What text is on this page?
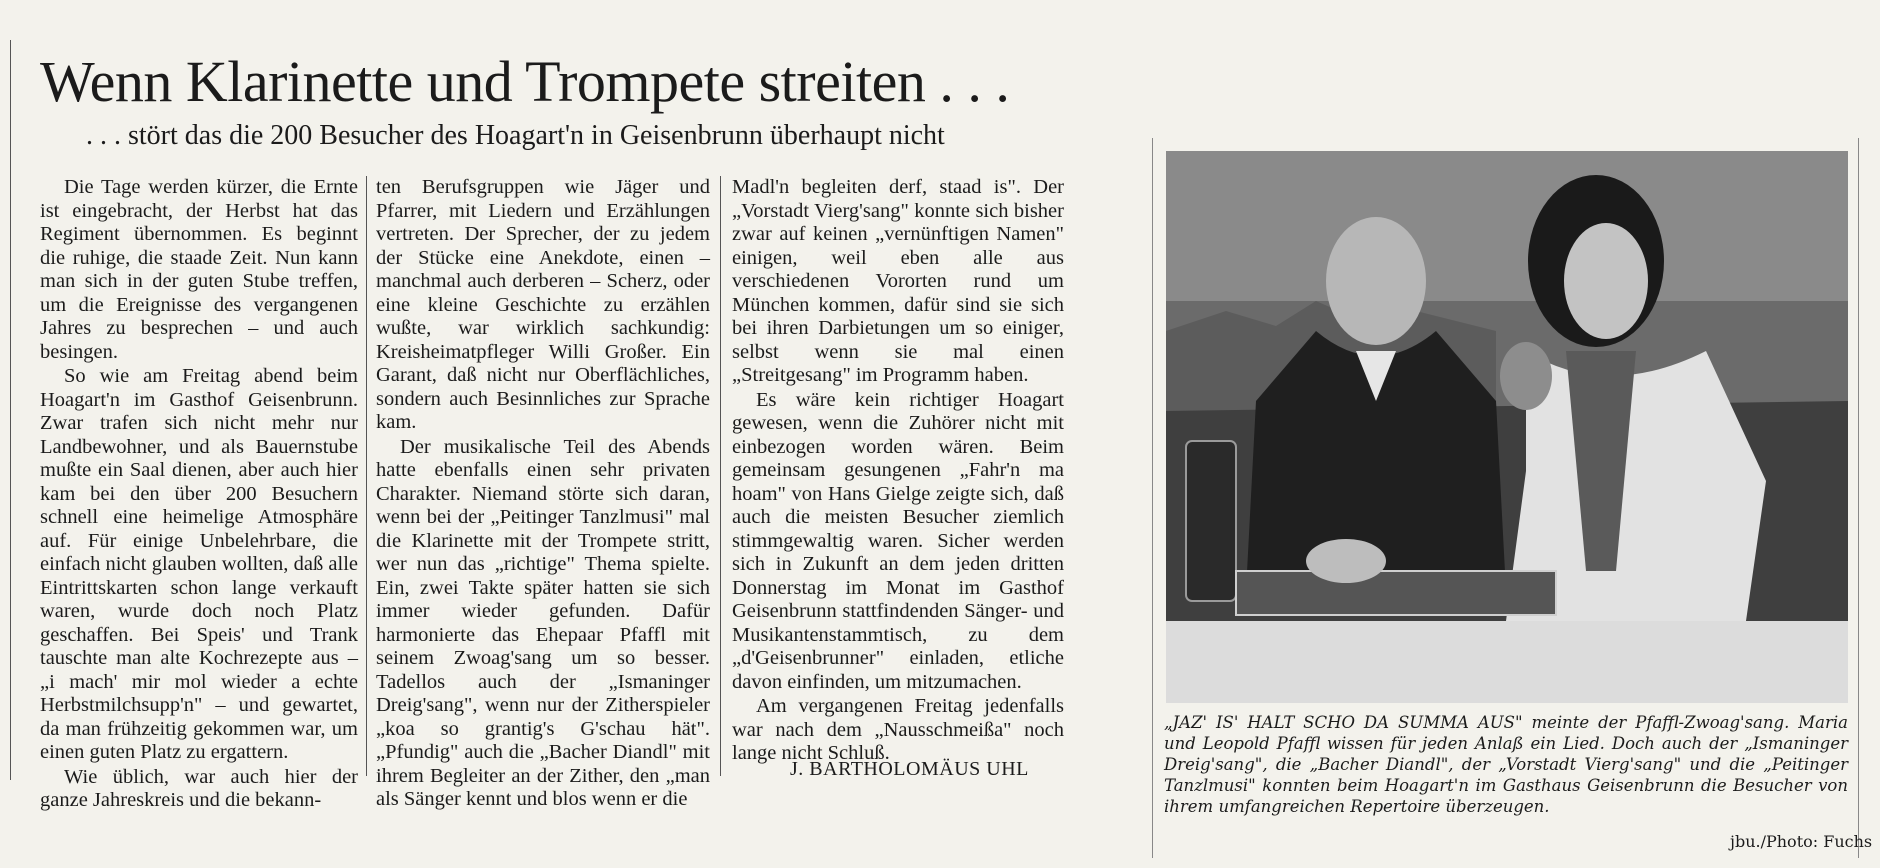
Wenn Klarinette und Trompete streiten . . .
. . . stört das die 200 Besucher des Hoagart'n in Geisenbrunn überhaupt nicht

Die Tage werden kürzer, die Ernte ist eingebracht, der Herbst hat das Regiment übernommen. Es beginnt die ruhige, die staade Zeit. Nun kann man sich in der guten Stube treffen, um die Ereignisse des vergangenen Jahres zu besprechen – und auch besingen.

So wie am Freitag abend beim Hoagart'n im Gasthof Geisenbrunn. Zwar trafen sich nicht mehr nur Landbewohner, und als Bauernstube mußte ein Saal dienen, aber auch hier kam bei den über 200 Besuchern schnell eine heimelige Atmosphäre auf. Für einige Unbelehrbare, die einfach nicht glauben wollten, daß alle Eintrittskarten schon lange verkauft waren, wurde doch noch Platz geschaffen. Bei Speis' und Trank tauschte man alte Kochrezepte aus – „i mach' mir mol wieder a echte Herbstmilchsupp'n" – und gewartet, da man frühzeitig gekommen war, um einen guten Platz zu ergattern.

Wie üblich, war auch hier der ganze Jahreskreis und die bekann-

ten Berufsgruppen wie Jäger und Pfarrer, mit Liedern und Erzählungen vertreten. Der Sprecher, der zu jedem der Stücke eine Anekdote, einen – manchmal auch derberen – Scherz, oder eine kleine Geschichte zu erzählen wußte, war wirklich sachkundig: Kreisheimatpfleger Willi Großer. Ein Garant, daß nicht nur Oberflächliches, sondern auch Besinnliches zur Sprache kam.

Der musikalische Teil des Abends hatte ebenfalls einen sehr privaten Charakter. Niemand störte sich daran, wenn bei der „Peitinger Tanzlmusi" mal die Klarinette mit der Trompete stritt, wer nun das „richtige" Thema spielte. Ein, zwei Takte später hatten sie sich immer wieder gefunden. Dafür harmonierte das Ehepaar Pfaffl mit seinem Zwoag'sang um so besser. Tadellos auch der „Ismaninger Dreig'sang", wenn nur der Zitherspieler „koa so grantig's G'schau hät". „Pfundig" auch die „Bacher Diandl" mit ihrem Begleiter an der Zither, den „man als Sänger kennt und blos wenn er die

Madl'n begleiten derf, staad is". Der „Vorstadt Vierg'sang" konnte sich bisher zwar auf keinen „vernünftigen Namen" einigen, weil eben alle aus verschiedenen Vororten rund um München kommen, dafür sind sie sich bei ihren Darbietungen um so einiger, selbst wenn sie mal einen „Streitgesang" im Programm haben.

Es wäre kein richtiger Hoagart gewesen, wenn die Zuhörer nicht mit einbezogen worden wären. Beim gemeinsam gesungenen „Fahr'n ma hoam" von Hans Gielge zeigte sich, daß auch die meisten Besucher ziemlich stimmgewaltig waren. Sicher werden sich in Zukunft an dem jeden dritten Donnerstag im Monat im Gasthof Geisenbrunn stattfindenden Sänger- und Musikantenstammtisch, zu dem „d'Geisenbrunner" einladen, etliche davon einfinden, um mitzumachen.

Am vergangenen Freitag jedenfalls war nach dem „Nausschmeißa" noch lange nicht Schluß.

J. BARTHOLOMÄUS UHL
„JAZ' IS' HALT SCHO DA SUMMA AUS" meinte der Pfaffl-Zwoag'sang. Maria und Leopold Pfaffl wissen für jeden Anlaß ein Lied. Doch auch der „Ismaninger Dreig'sang", die „Bacher Diandl", der „Vorstadt Vierg'sang" und die „Peitinger Tanzlmusi" konnten beim Hoagart'n im Gasthaus Geisenbrunn die Besucher von ihrem umfangreichen Repertoire überzeugen.
jbu./Photo: Fuchs
